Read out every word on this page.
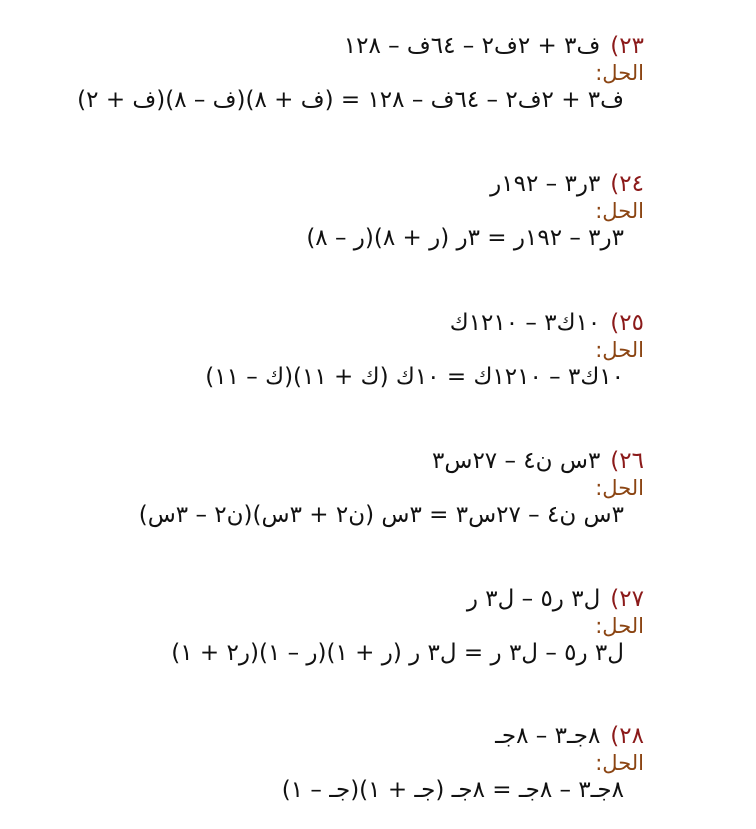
٢٣)ف٣ + ٢ف٢ – ٦٤ف – ١٢٨
الحل:
ف٣ + ٢ف٢ – ٦٤ف – ١٢٨ = (ف + ٨)(ف – ٨)(ف + ٢)
٢٤)٣ر٣ – ١٩٢ر
الحل:
٣ر٣ – ١٩٢ر = ٣ر (ر + ٨)(ر – ٨)
٢٥)١٠ك٣ – ١٢١٠ك
الحل:
١٠ك٣ – ١٢١٠ك = ١٠ك (ك + ١١)(ك – ١١)
٢٦)٣س ن٤ – ٢٧س٣
الحل:
٣س ن٤ – ٢٧س٣ = ٣س (ن٢ + ٣س)(ن٢ – ٣س)
٢٧)ل٣ ر٥ – ل٣ ر
الحل:
ل٣ ر٥ – ل٣ ر = ل٣ ر (ر + ١)(ر – ١)(ر٢ + ١)
٢٨)٨جـ٣ – ٨جـ
الحل:
٨جـ٣ – ٨جـ = ٨جـ (جـ + ١)(جـ – ١)
